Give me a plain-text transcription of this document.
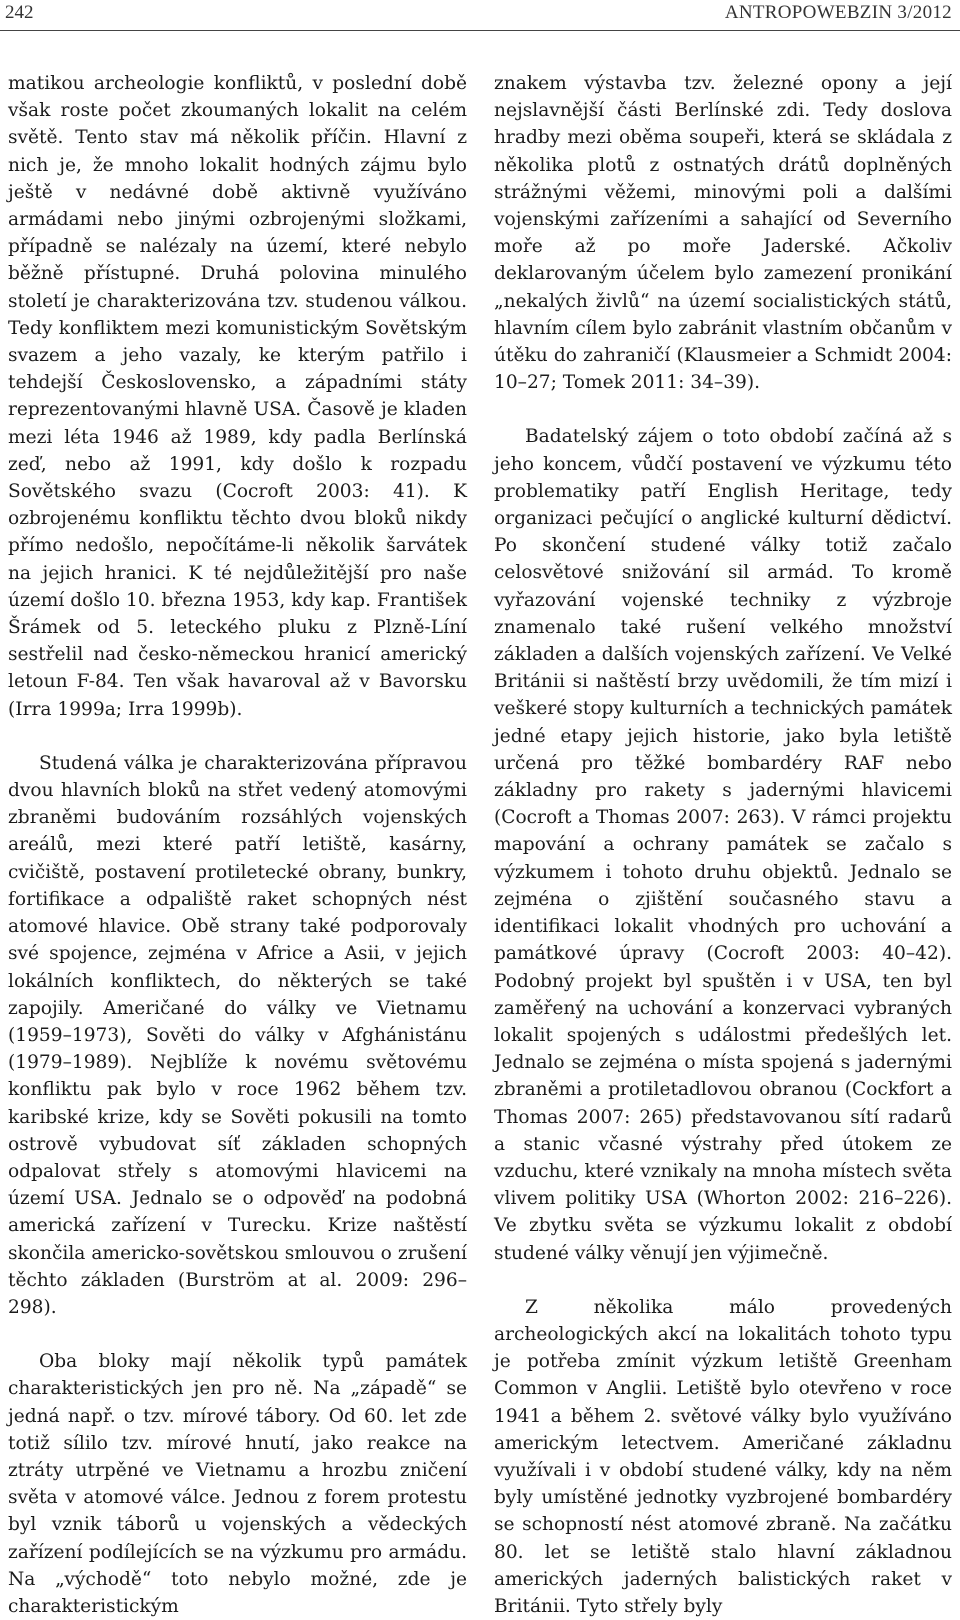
242	ANTROPOWEBZIN 3/2012

matikou archeologie konfliktů, v poslední době však roste počet zkoumaných lokalit na celém světě. Tento stav má několik příčin. Hlavní z nich je, že mnoho lokalit hodných zájmu bylo ještě v nedávné době aktivně využíváno armádami nebo jinými ozbrojenými složkami, případně se nalézaly na území, které nebylo běžně přístupné. Druhá polovina minulého století je charakterizována tzv. studenou válkou. Tedy konfliktem mezi komunistickým Sovětským svazem a jeho vazaly, ke kterým patřilo i tehdejší Československo, a západními státy reprezentovanými hlavně USA. Časově je kladen mezi léta 1946 až 1989, kdy padla Berlínská zeď, nebo až 1991, kdy došlo k rozpadu Sovětského svazu (Cocroft 2003: 41). K ozbrojenému konfliktu těchto dvou bloků nikdy přímo nedošlo, nepočítáme-li několik šarvátek na jejich hranici. K té nejdůležitější pro naše území došlo 10. března 1953, kdy kap. František Šrámek od 5. leteckého pluku z Plzně-Líní sestřelil nad česko-německou hranicí americký letoun F-84. Ten však havaroval až v Bavorsku (Irra 1999a; Irra 1999b).

Studená válka je charakterizována přípravou dvou hlavních bloků na střet vedený atomovými zbraněmi budováním rozsáhlých vojenských areálů, mezi které patří letiště, kasárny, cvičiště, postavení protiletecké obrany, bunkry, fortifikace a odpaliště raket schopných nést atomové hlavice. Obě strany také podporovaly své spojence, zejména v Africe a Asii, v jejich lokálních konfliktech, do některých se také zapojily. Američané do války ve Vietnamu (1959–1973), Sověti do války v Afghánistánu (1979–1989). Nejblíže k novému světovému konfliktu pak bylo v roce 1962 během tzv. karibské krize, kdy se Sověti pokusili na tomto ostrově vybudovat síť základen schopných odpalovat střely s atomovými hlavicemi na území USA. Jednalo se o odpověď na podobná americká zařízení v Turecku. Krize naštěstí skončila americko-sovětskou smlouvou o zrušení těchto základen (Burström at al. 2009: 296–298).

Oba bloky mají několik typů památek charakteristických jen pro ně. Na „západě“ se jedná např. o tzv. mírové tábory. Od 60. let zde totiž sílilo tzv. mírové hnutí, jako reakce na ztráty utrpěné ve Vietnamu a hrozbu zničení světa v atomové válce. Jednou z forem protestu byl vznik táborů u vojenských a vědeckých zařízení podílejících se na výzkumu pro armádu. Na „východě“ toto nebylo možné, zde je charakteristickým

znakem výstavba tzv. železné opony a její nejslavnější části Berlínské zdi. Tedy doslova hradby mezi oběma soupeři, která se skládala z několika plotů z ostnatých drátů doplněných strážnými věžemi, minovými poli a dalšími vojenskými zařízeními a sahající od Severního moře až po moře Jaderské. Ačkoliv deklarovaným účelem bylo zamezení pronikání „nekalých živlů“ na území socialistických států, hlavním cílem bylo zabránit vlastním občanům v útěku do zahraničí (Klausmeier a Schmidt 2004: 10–27; Tomek 2011: 34–39).

Badatelský zájem o toto období začíná až s jeho koncem, vůdčí postavení ve výzkumu této problematiky patří English Heritage, tedy organizaci pečující o anglické kulturní dědictví. Po skončení studené války totiž začalo celosvětové snižování sil armád. To kromě vyřazování vojenské techniky z výzbroje znamenalo také rušení velkého množství základen a dalších vojenských zařízení. Ve Velké Británii si naštěstí brzy uvědomili, že tím mizí i veškeré stopy kulturních a technických památek jedné etapy jejich historie, jako byla letiště určená pro těžké bombardéry RAF nebo základny pro rakety s jadernými hlavicemi (Cocroft a Thomas 2007: 263). V rámci projektu mapování a ochrany památek se začalo s výzkumem i tohoto druhu objektů. Jednalo se zejména o zjištění současného stavu a identifikaci lokalit vhodných pro uchování a památkové úpravy (Cocroft 2003: 40–42). Podobný projekt byl spuštěn i v USA, ten byl zaměřený na uchování a konzervaci vybraných lokalit spojených s událostmi předešlých let. Jednalo se zejména o místa spojená s jadernými zbraněmi a protiletadlovou obranou (Cockfort a Thomas 2007: 265) představovanou sítí radarů a stanic včasné výstrahy před útokem ze vzduchu, které vznikaly na mnoha místech světa vlivem politiky USA (Whorton 2002: 216–226). Ve zbytku světa se výzkumu lokalit z období studené války věnují jen výjimečně.

Z několika málo provedených archeologických akcí na lokalitách tohoto typu je potřeba zmínit výzkum letiště Greenham Common v Anglii. Letiště bylo otevřeno v roce 1941 a během 2. světové války bylo využíváno americkým letectvem. Američané základnu využívali i v období studené války, kdy na něm byly umístěné jednotky vyzbrojené bombardéry se schopností nést atomové zbraně. Na začátku 80. let se letiště stalo hlavní základnou amerických jaderných balistických raket v Británii. Tyto střely byly
